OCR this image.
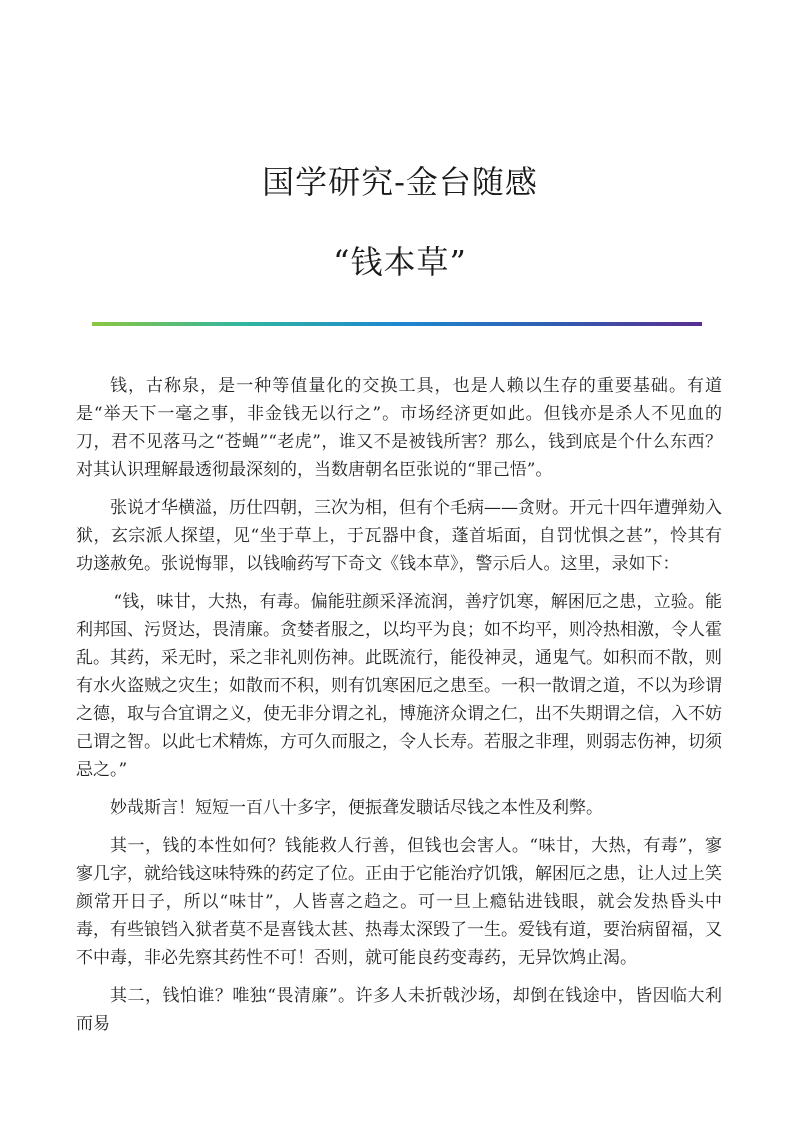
国学研究-金台随感
“钱本草”

钱，古称泉，是一种等值量化的交换工具，也是人赖以生存的重要基础。有道是“举天下一毫之事，非金钱无以行之”。市场经济更如此。但钱亦是杀人不见血的刀，君不见落马之“苍蝇”“老虎”，谁又不是被钱所害？那么，钱到底是个什么东西？对其认识理解最透彻最深刻的，当数唐朝名臣张说的“罪己悟”。

张说才华横溢，历仕四朝，三次为相，但有个毛病——贪财。开元十四年遭弹劾入狱，玄宗派人探望，见“坐于草上，于瓦器中食，蓬首垢面，自罚忧惧之甚”，怜其有功遂赦免。张说悔罪，以钱喻药写下奇文《钱本草》，警示后人。这里，录如下：

“钱，味甘，大热，有毒。偏能驻颜采泽流润，善疗饥寒，解困厄之患，立验。能利邦国、污贤达，畏清廉。贪婪者服之，以均平为良；如不均平，则冷热相激，令人霍乱。其药，采无时，采之非礼则伤神。此既流行，能役神灵，通鬼气。如积而不散，则有水火盗贼之灾生；如散而不积，则有饥寒困厄之患至。一积一散谓之道，不以为珍谓之德，取与合宜谓之义，使无非分谓之礼，博施济众谓之仁，出不失期谓之信，入不妨己谓之智。以此七术精炼，方可久而服之，令人长寿。若服之非理，则弱志伤神，切须忌之。”

妙哉斯言！短短一百八十多字，便振聋发聩话尽钱之本性及利弊。

其一，钱的本性如何？钱能救人行善，但钱也会害人。“味甘，大热，有毒”，寥寥几字，就给钱这味特殊的药定了位。正由于它能治疗饥饿，解困厄之患，让人过上笑颜常开日子，所以“味甘”，人皆喜之趋之。可一旦上瘾钻进钱眼，就会发热昏头中毒，有些锒铛入狱者莫不是喜钱太甚、热毒太深毁了一生。爱钱有道，要治病留福，又不中毒，非必先察其药性不可！否则，就可能良药变毒药，无异饮鸩止渴。

其二，钱怕谁？唯独“畏清廉”。许多人未折戟沙场，却倒在钱途中，皆因临大利而易
